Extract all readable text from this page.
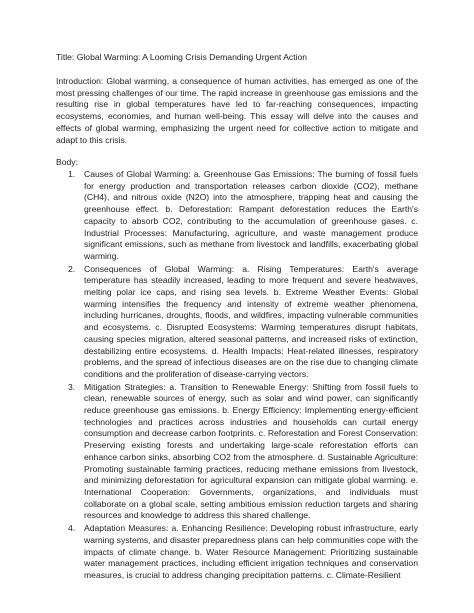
Title: Global Warming: A Looming Crisis Demanding Urgent Action

Introduction: Global warming, a consequence of human activities, has emerged as one of the most pressing challenges of our time. The rapid increase in greenhouse gas emissions and the resulting rise in global temperatures have led to far-reaching consequences, impacting ecosystems, economies, and human well-being. This essay will delve into the causes and effects of global warming, emphasizing the urgent need for collective action to mitigate and adapt to this crisis.

Body:

1. Causes of Global Warming: a. Greenhouse Gas Emissions: The burning of fossil fuels for energy production and transportation releases carbon dioxide (CO2), methane (CH4), and nitrous oxide (N2O) into the atmosphere, trapping heat and causing the greenhouse effect. b. Deforestation: Rampant deforestation reduces the Earth's capacity to absorb CO2, contributing to the accumulation of greenhouse gases. c. Industrial Processes: Manufacturing, agriculture, and waste management produce significant emissions, such as methane from livestock and landfills, exacerbating global warming.
2. Consequences of Global Warming: a. Rising Temperatures: Earth's average temperature has steadily increased, leading to more frequent and severe heatwaves, melting polar ice caps, and rising sea levels. b. Extreme Weather Events: Global warming intensifies the frequency and intensity of extreme weather phenomena, including hurricanes, droughts, floods, and wildfires, impacting vulnerable communities and ecosystems. c. Disrupted Ecosystems: Warming temperatures disrupt habitats, causing species migration, altered seasonal patterns, and increased risks of extinction, destabilizing entire ecosystems. d. Health Impacts: Heat-related illnesses, respiratory problems, and the spread of infectious diseases are on the rise due to changing climate conditions and the proliferation of disease-carrying vectors.
3. Mitigation Strategies: a. Transition to Renewable Energy: Shifting from fossil fuels to clean, renewable sources of energy, such as solar and wind power, can significantly reduce greenhouse gas emissions. b. Energy Efficiency: Implementing energy-efficient technologies and practices across industries and households can curtail energy consumption and decrease carbon footprints. c. Reforestation and Forest Conservation: Preserving existing forests and undertaking large-scale reforestation efforts can enhance carbon sinks, absorbing CO2 from the atmosphere. d. Sustainable Agriculture: Promoting sustainable farming practices, reducing methane emissions from livestock, and minimizing deforestation for agricultural expansion can mitigate global warming. e. International Cooperation: Governments, organizations, and individuals must collaborate on a global scale, setting ambitious emission reduction targets and sharing resources and knowledge to address this shared challenge.
4. Adaptation Measures: a. Enhancing Resilience: Developing robust infrastructure, early warning systems, and disaster preparedness plans can help communities cope with the impacts of climate change. b. Water Resource Management: Prioritizing sustainable water management practices, including efficient irrigation techniques and conservation measures, is crucial to address changing precipitation patterns. c. Climate-Resilient
